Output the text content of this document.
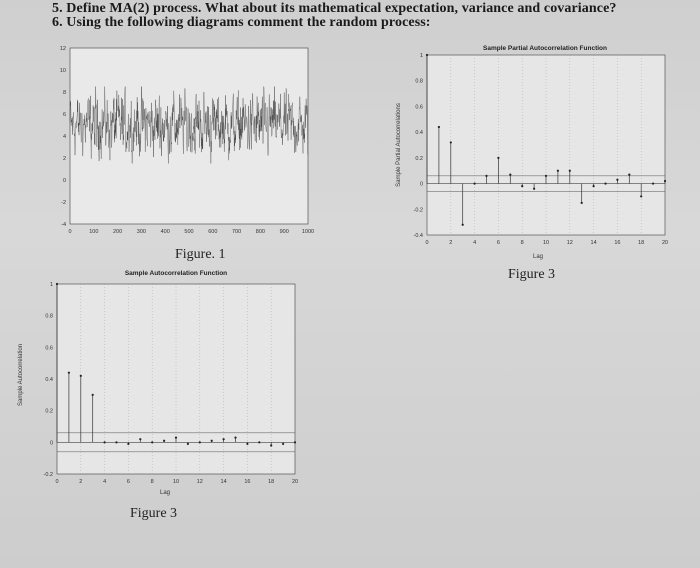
5. Define MA(2) process. What about its mathematical expectation, variance and covariance?
6. Using the following diagrams comment the random process:
0	100	200	300	400	500	600	700	800	900 1000
-4
-2
0
2
4
6
8
10
12
Figure. 1
Sample Autocorrelation Function
Sample Autocorrelation
Lag
0	2	4	6	8	10	12	14	16	18	20
-0.2
0
0.2
0.4
0.6
0.8
1
Figure 3
Sample Partial Autocorrelation Function
Sample Partial Autocorrelations
Lag
0	2	4	6	8	10	12	14	16	18	20
-0.4
-0.2
0
0.2
0.4
0.6
0.8
1
Figure 3
